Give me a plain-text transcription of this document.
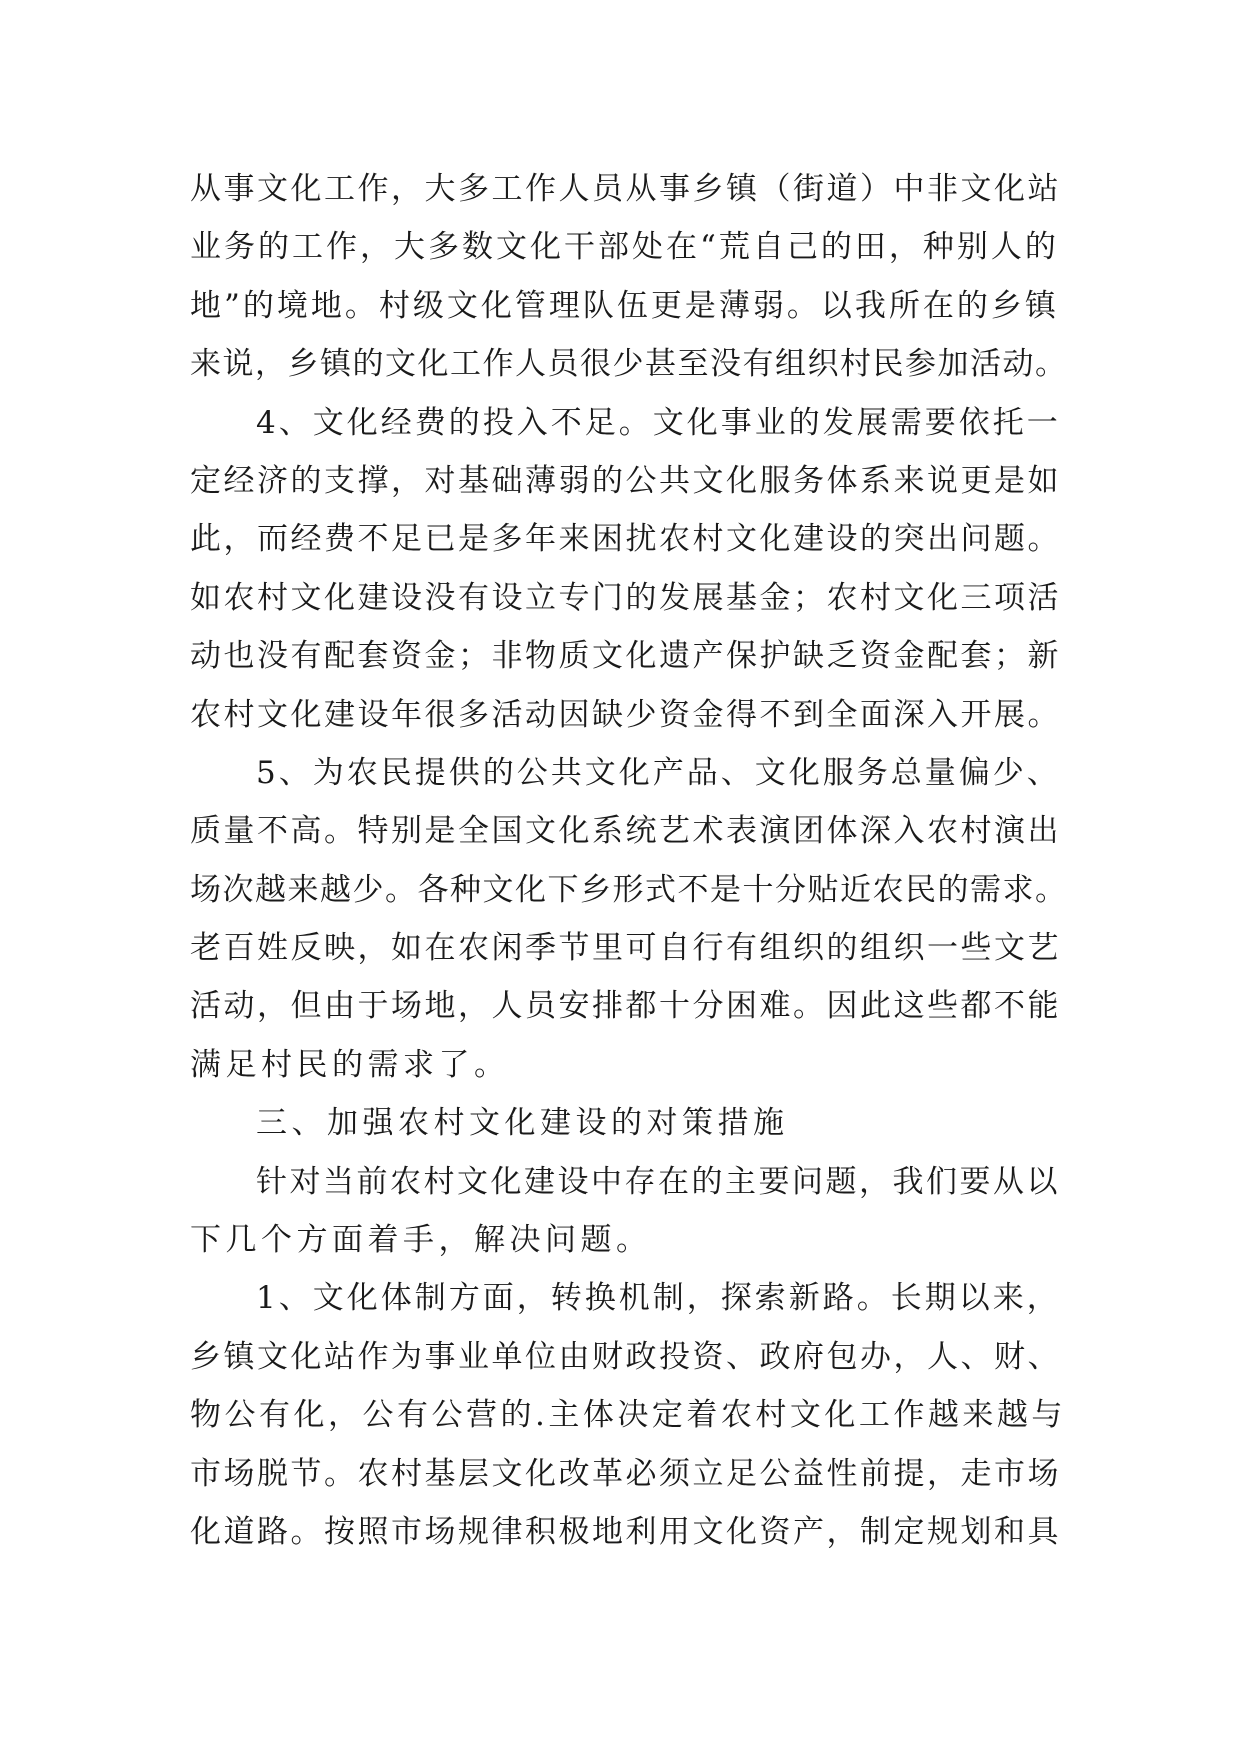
从事文化工作，大多工作人员从事乡镇（街道）中非文化站
业务的工作，大多数文化干部处在“荒自己的田，种别人的
地”的境地。村级文化管理队伍更是薄弱。以我所在的乡镇
来说，乡镇的文化工作人员很少甚至没有组织村民参加活动。
4、文化经费的投入不足。文化事业的发展需要依托一
定经济的支撑，对基础薄弱的公共文化服务体系来说更是如
此，而经费不足已是多年来困扰农村文化建设的突出问题。
如农村文化建设没有设立专门的发展基金；农村文化三项活
动也没有配套资金；非物质文化遗产保护缺乏资金配套；新
农村文化建设年很多活动因缺少资金得不到全面深入开展。
5、为农民提供的公共文化产品、文化服务总量偏少、
质量不高。特别是全国文化系统艺术表演团体深入农村演出
场次越来越少。各种文化下乡形式不是十分贴近农民的需求。
老百姓反映，如在农闲季节里可自行有组织的组织一些文艺
活动，但由于场地，人员安排都十分困难。因此这些都不能
满足村民的需求了。
三、加强农村文化建设的对策措施
针对当前农村文化建设中存在的主要问题，我们要从以
下几个方面着手，解决问题。
1、文化体制方面，转换机制，探索新路。长期以来，
乡镇文化站作为事业单位由财政投资、政府包办，人、财、
物公有化，公有公营的.主体决定着农村文化工作越来越与
市场脱节。农村基层文化改革必须立足公益性前提，走市场
化道路。按照市场规律积极地利用文化资产，制定规划和具
